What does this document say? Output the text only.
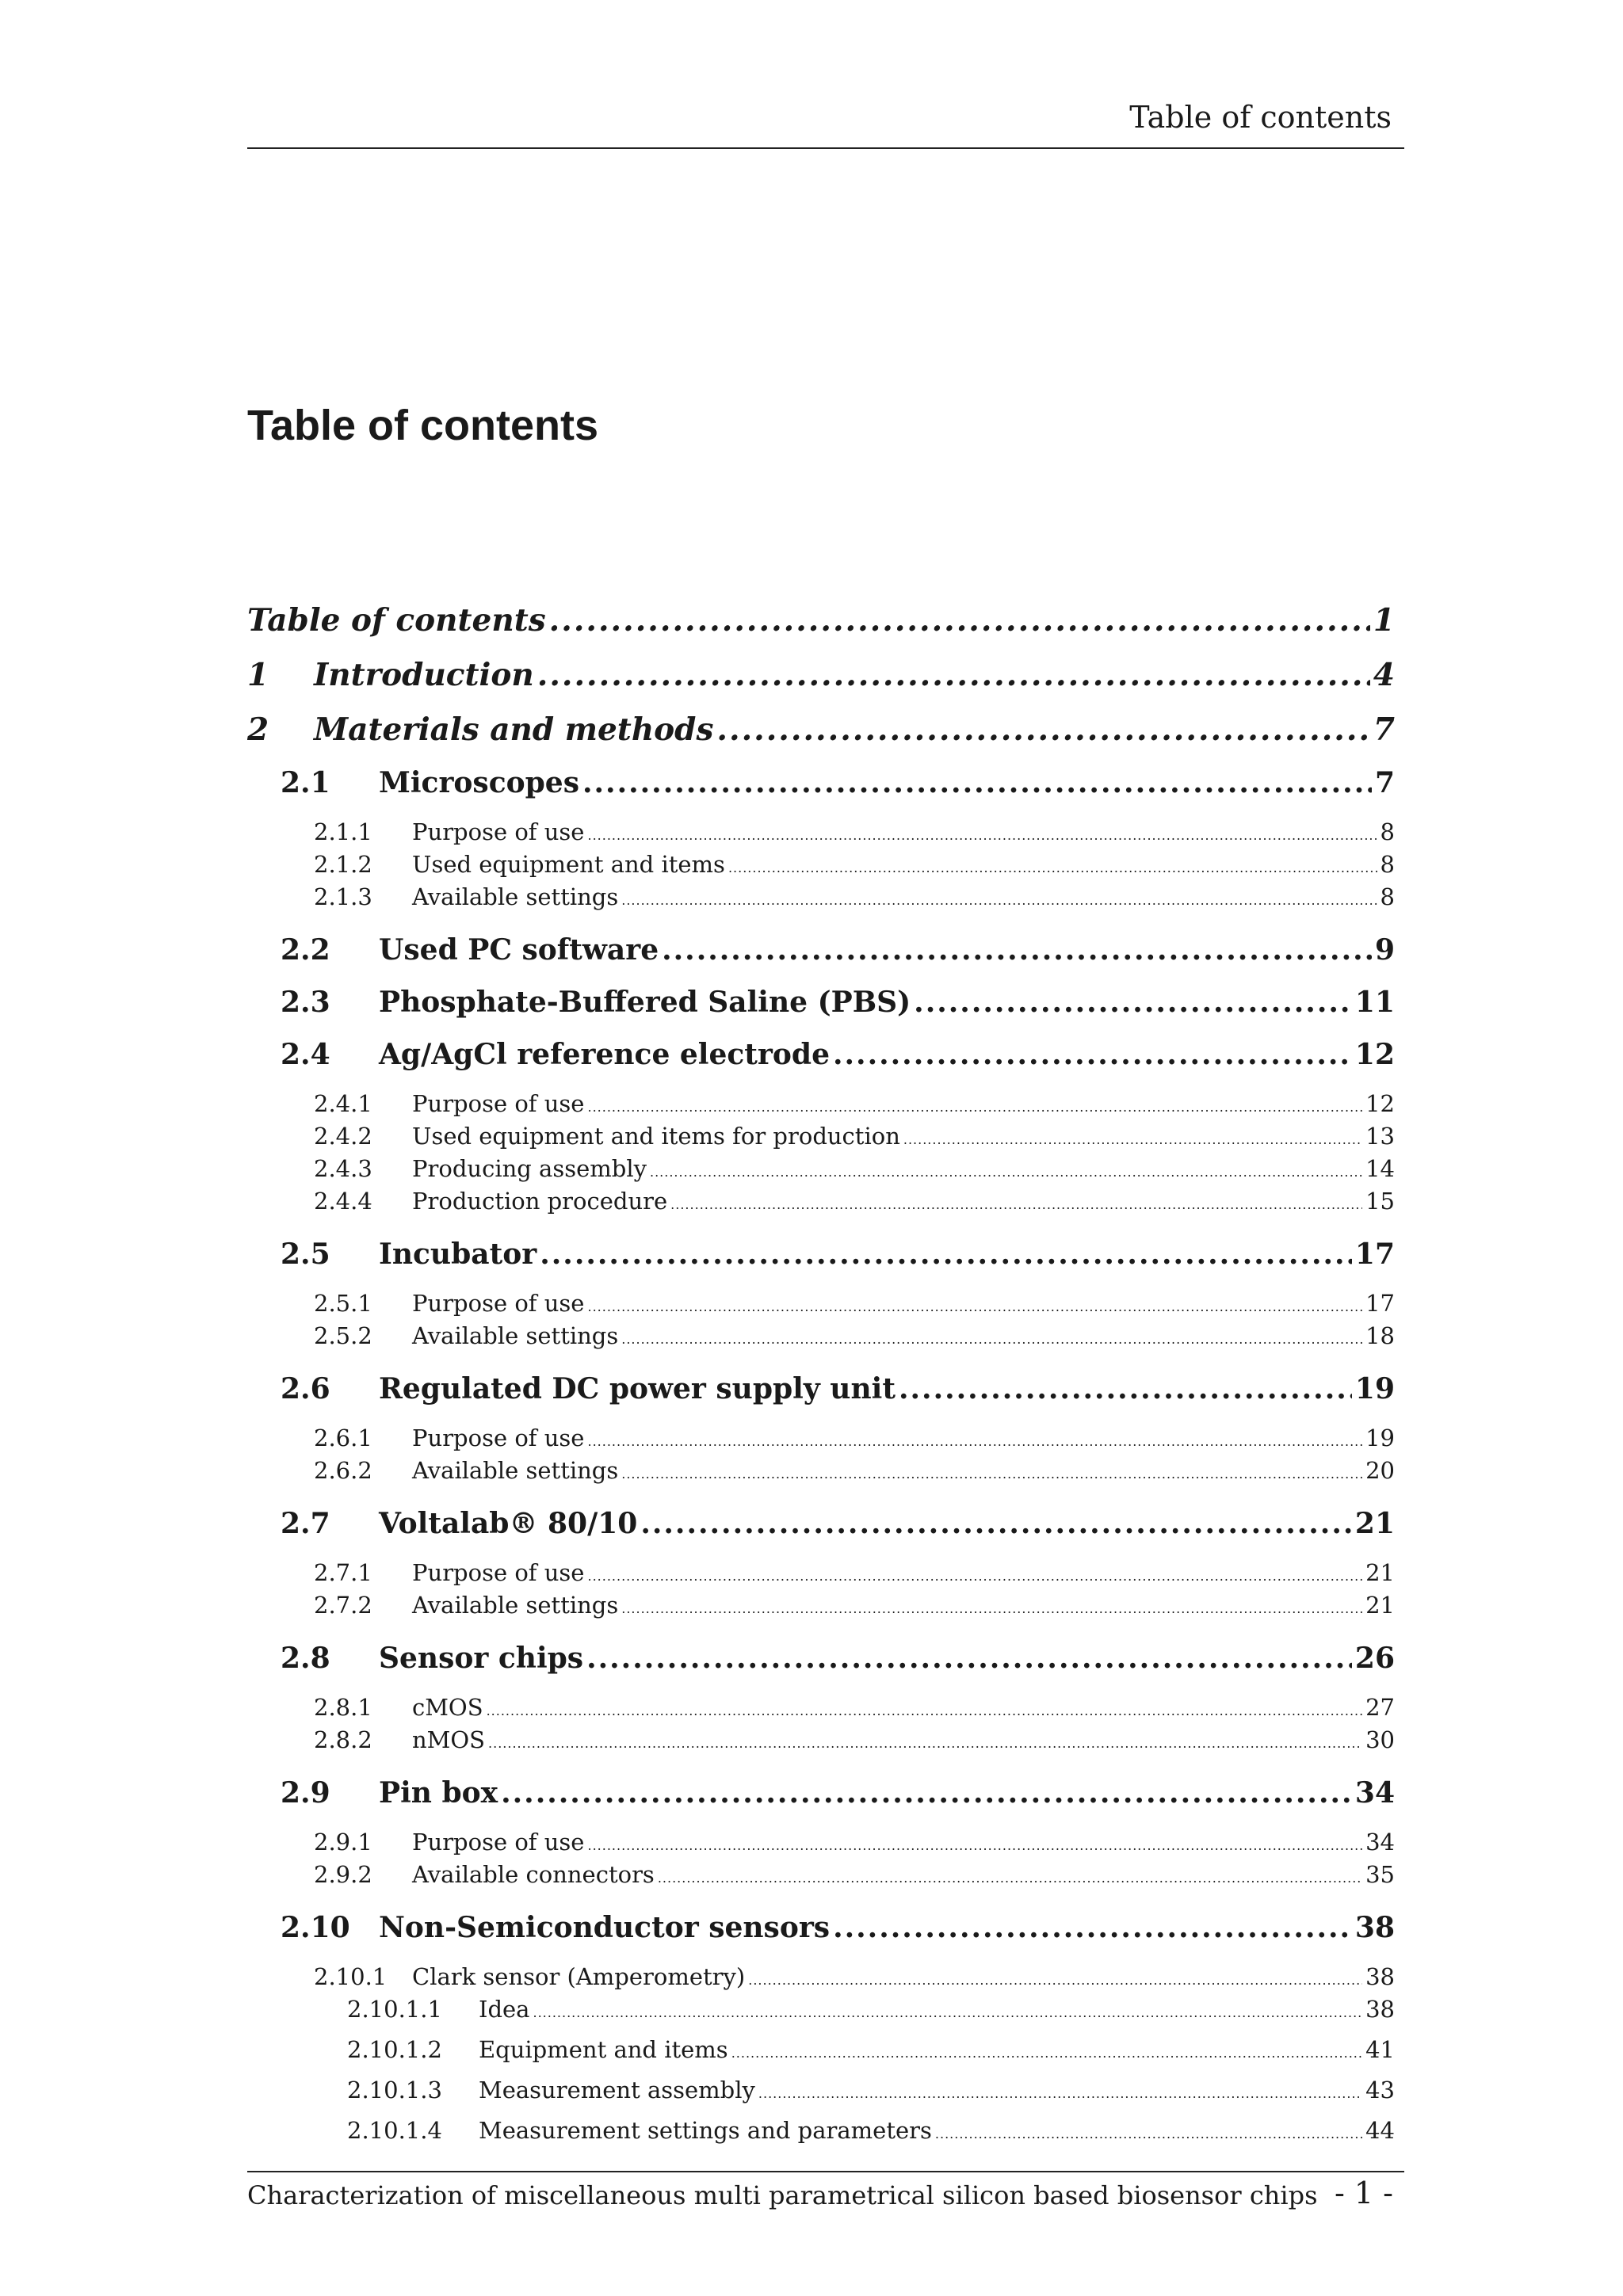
Table of contents
Table of contents
Table of contents .....	1
1	Introduction .....	4
2	Materials and methods .....	7
2.1	Microscopes .....	7
2.1.1	Purpose of use .....	8
2.1.2	Used equipment and items .....	8
2.1.3	Available settings .....	8
2.2	Used PC software .....	9
2.3	Phosphate-Buffered Saline (PBS) .....	11
2.4	Ag/AgCl reference electrode .....	12
2.4.1	Purpose of use .....	12
2.4.2	Used equipment and items for production .....	13
2.4.3	Producing assembly .....	14
2.4.4	Production procedure .....	15
2.5	Incubator .....	17
2.5.1	Purpose of use .....	17
2.5.2	Available settings .....	18
2.6	Regulated DC power supply unit .....	19
2.6.1	Purpose of use .....	19
2.6.2	Available settings .....	20
2.7	Voltalab® 80/10 .....	21
2.7.1	Purpose of use .....	21
2.7.2	Available settings .....	21
2.8	Sensor chips .....	26
2.8.1	cMOS .....	27
2.8.2	nMOS .....	30
2.9	Pin box .....	34
2.9.1	Purpose of use .....	34
2.9.2	Available connectors .....	35
2.10	Non-Semiconductor sensors .....	38
2.10.1	Clark sensor (Amperometry) .....	38
2.10.1.1	Idea .....	38
2.10.1.2	Equipment and items .....	41
2.10.1.3	Measurement assembly .....	43
2.10.1.4	Measurement settings and parameters .....	44
Characterization of miscellaneous multi parametrical silicon based biosensor chips - 1 -
